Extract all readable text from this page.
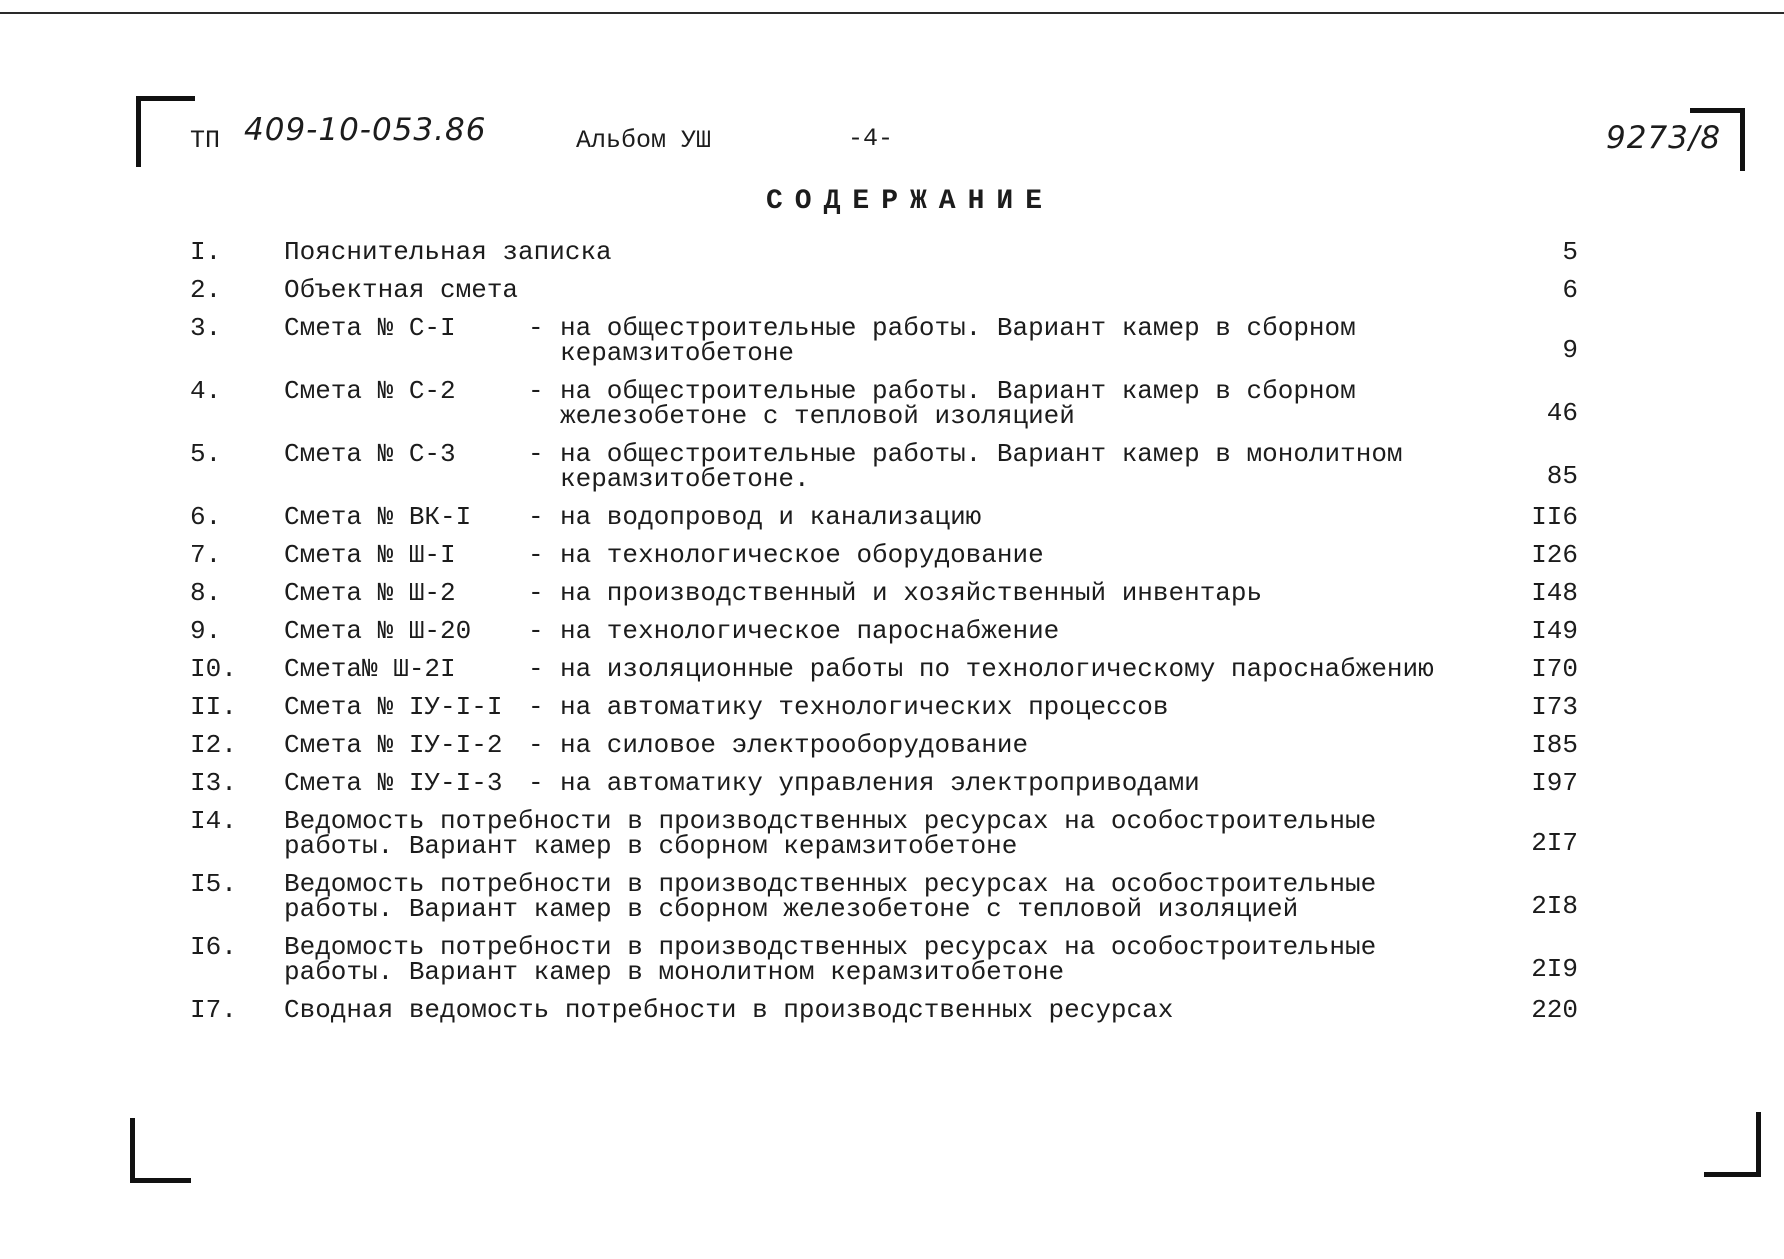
ТП 409-10-053.86	Альбом УШ	-4-	9273/8
СОДЕРЖАНИЕ
I. Пояснительная записка	5
2. Объектная смета	6
3. Смета № С-I	- на общестроительные работы. Вариант камер в сборном
керамзитобетоне	9
4. Смета № С-2	- на общестроительные работы. Вариант камер в сборном
железобетоне с тепловой изоляцией	46
5. Смета № С-3	- на общестроительные работы. Вариант камер в монолитном
керамзитобетоне.	85
6. Смета № ВК-I - на водопровод и канализацию	II6
7. Смета № Ш-I	- на технологическое оборудование	I26
8. Смета № Ш-2	- на производственный и хозяйственный инвентарь	I48
9. Смета № Ш-20 - на технологическое пароснабжение	I49
I0. Смета№ Ш-2I	- на изоляционные работы по технологическому пароснабжению	I70
II. Смета № IУ-I-I - на автоматику технологических процессов	I73
I2. Смета № IУ-I-2 - на силовое электрооборудование	I85
I3. Смета № IУ-I-3 - на автоматику управления электроприводами	I97
I4. Ведомость потребности в производственных ресурсах на особостроительные
работы. Вариант камер в сборном керамзитобетоне	2I7
I5. Ведомость потребности в производственных ресурсах на особостроительные
работы. Вариант камер в сборном железобетоне с тепловой изоляцией	2I8
I6. Ведомость потребности в производственных ресурсах на особостроительные
работы. Вариант камер в монолитном керамзитобетоне	2I9
I7. Сводная ведомость потребности в производственных ресурсах	220
